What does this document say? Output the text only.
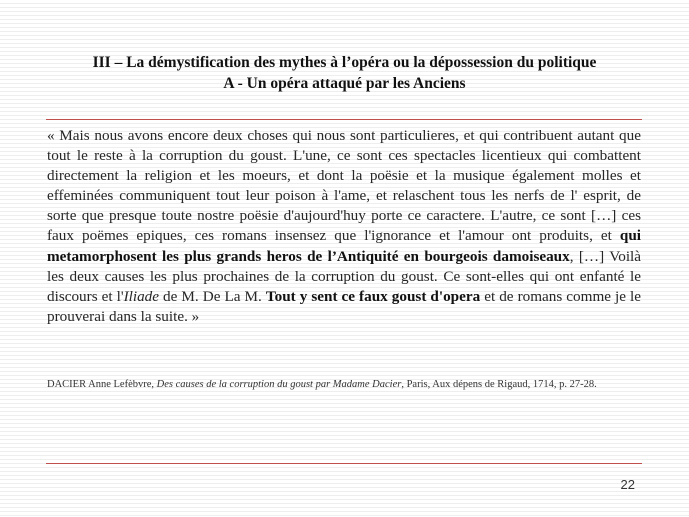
III – La démystification des mythes à l’opéra ou la dépossession du politique
A - Un opéra attaqué par les Anciens
« Mais nous avons encore deux choses qui nous sont particulieres, et qui contribuent autant que tout le reste à la corruption du goust. L'une, ce sont ces spectacles licentieux qui combattent directement la religion et les moeurs, et dont la poësie et la musique également molles et effeminées communiquent tout leur poison à l'ame, et relaschent tous les nerfs de l' esprit, de sorte que presque toute nostre poësie d'aujourd'huy porte ce caractere. L'autre, ce sont […] ces faux poëmes epiques, ces romans insensez que l'ignorance et l'amour ont produits, et qui metamorphosent les plus grands heros de l’Antiquité en bourgeois damoiseaux, […] Voilà les deux causes les plus prochaines de la corruption du goust. Ce sont-elles qui ont enfanté le discours et l'Iliade de M. De La M. Tout y sent ce faux goust d'opera et de romans comme je le prouverai dans la suite. »
DACIER Anne Lefèbvre, Des causes de la corruption du goust par Madame Dacier, Paris, Aux dépens de Rigaud, 1714, p. 27-28.
22
